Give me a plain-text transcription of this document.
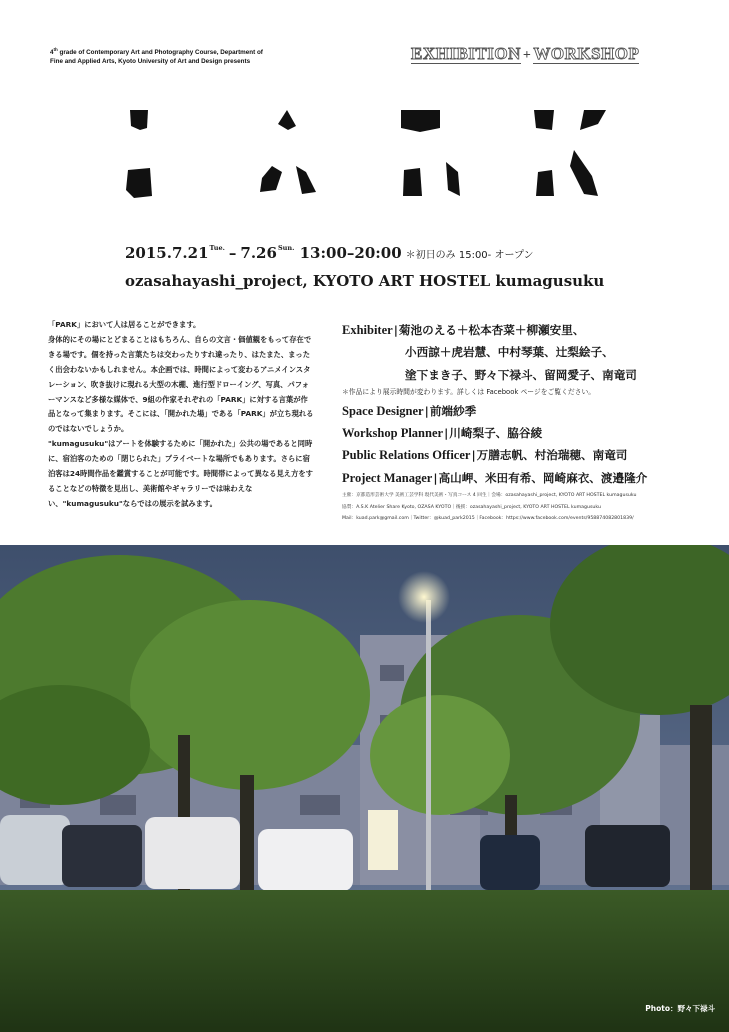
4th grade of Contemporary Art and Photography Course, Department of
Fine and Applied Arts, Kyoto University of Art and Design presents	EXHIBITION + WORKSHOP
$2015.7.21^{Tue.} - 7.26^{Sun.}$ 13:00–20:00 ＊初日のみ 15:00- オープン
ozasahayashi_project, KYOTO ART HOSTEL kumagusuku

「PARK」において人は居ることができます。

身体的にその場にとどまることはもちろん、自らの文言・価値観をもって存在できる場です。個を持った言葉たちは交わったりすれ違ったり、はたまた、まったく出会わないかもしれません。本企画では、時間によって変わるアニメインスタレーション、吹き抜けに現れる大型の木棚、進行型ドローイング、写真、パフォーマンスなど多様な媒体で、9組の作家それぞれの「PARK」に対する言葉が作品となって集まります。そこには、「開かれた場」である「PARK」が立ち現れるのではないでしょうか。

"kumagusuku"はアートを体験するために「開かれた」公共の場であると同時に、宿泊客のための「閉じられた」プライベートな場所でもあります。さらに宿泊客は24時間作品を鑑賞することが可能です。時間帯によって異なる見え方をすることなどの特徴を見出し、美術館やギャラリーでは味わえない、"kumagusuku"ならではの展示を試みます。

Exhibiter|菊池のえる＋松本杏菜＋柳瀬安里、
小西諒＋虎岩慧、中村琴葉、辻梨絵子、
塗下まき子、野々下禄斗、留岡愛子、南竜司
＊作品により展示時間が変わります。詳しくは Facebook ページをご覧ください。
Space Designer|前端紗季
Workshop Planner|川崎梨子、脇谷綾
Public Relations Officer|万膳志帆、村治瑞穂、南竜司
Project Manager|高山岬、米田有希、岡崎麻衣、渡邉隆介
主催：京都造形芸術大学 美術工芸学科 現代美術・写真コース 4 回生｜会場：ozasahayashi_project, KYOTO ART HOSTEL kumagusuku
協賛：A.S.K Atelier Share Kyoto, OZASA KYOTO｜後援：ozasahayashi_project, KYOTO ART HOSTEL kumagusuku
Mail：kuad.park@gmail.com｜Twitter：@kuad_park2015｜Facebook：https://www.facebook.com/events/958874082801839/
Photo：野々下禄斗
